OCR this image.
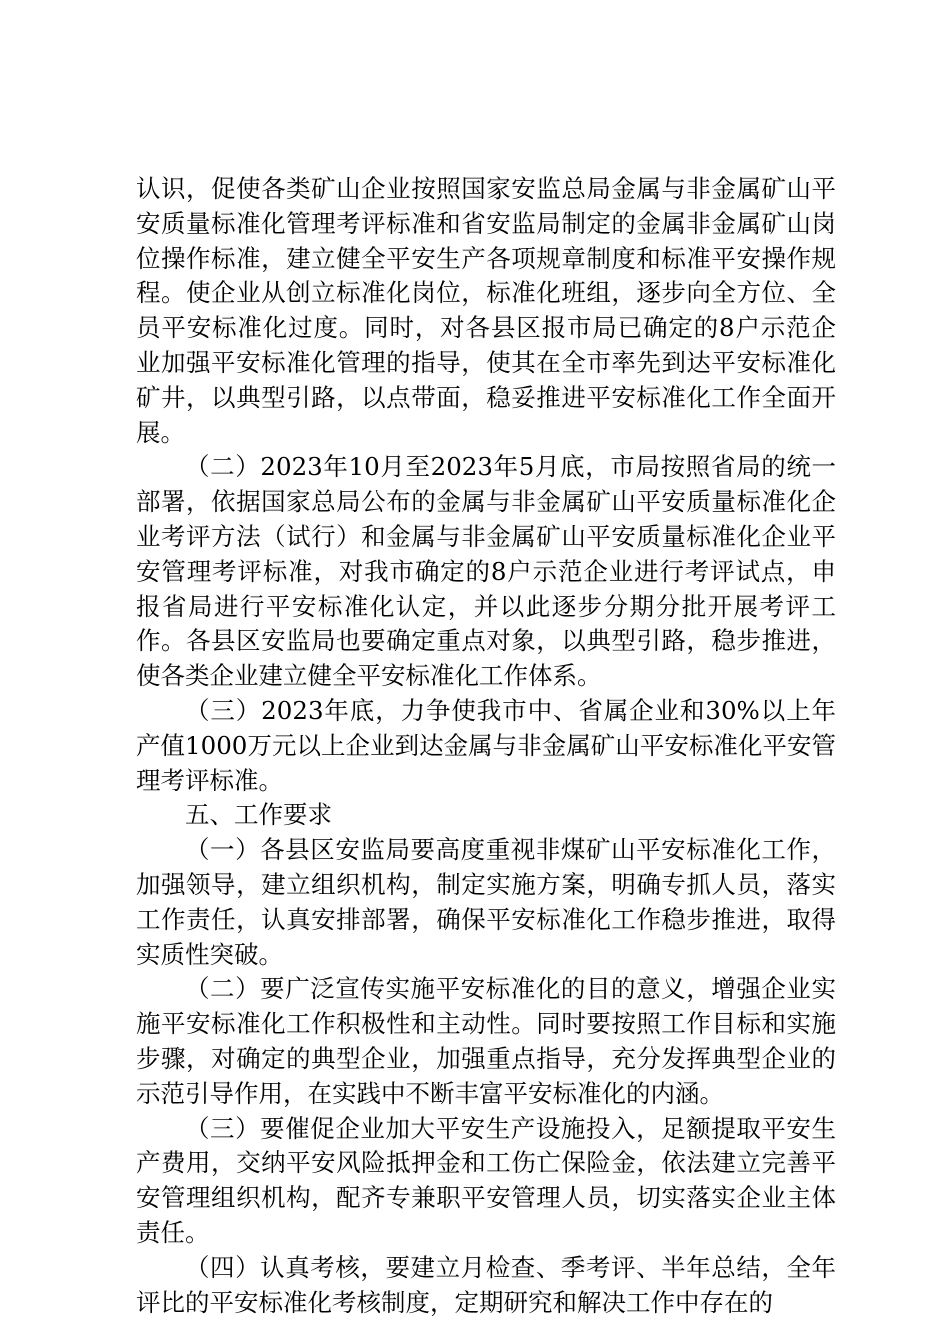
认识，促使各类矿山企业按照国家安监总局金属与非金属矿山平安质量标准化管理考评标准和省安监局制定的金属非金属矿山岗位操作标准，建立健全平安生产各项规章制度和标准平安操作规程。使企业从创立标准化岗位，标准化班组，逐步向全方位、全员平安标准化过度。同时，对各县区报市局已确定的8户示范企业加强平安标准化管理的指导，使其在全市率先到达平安标准化矿井，以典型引路，以点带面，稳妥推进平安标准化工作全面开展。

（二）2023年10月至2023年5月底，市局按照省局的统一部署，依据国家总局公布的金属与非金属矿山平安质量标准化企业考评方法（试行）和金属与非金属矿山平安质量标准化企业平安管理考评标准，对我市确定的8户示范企业进行考评试点，申报省局进行平安标准化认定，并以此逐步分期分批开展考评工作。各县区安监局也要确定重点对象，以典型引路，稳步推进，使各类企业建立健全平安标准化工作体系。

（三）2023年底，力争使我市中、省属企业和30%以上年产值1000万元以上企业到达金属与非金属矿山平安标准化平安管理考评标准。

五、工作要求

（一）各县区安监局要高度重视非煤矿山平安标准化工作，加强领导，建立组织机构，制定实施方案，明确专抓人员，落实工作责任，认真安排部署，确保平安标准化工作稳步推进，取得实质性突破。

（二）要广泛宣传实施平安标准化的目的意义，增强企业实施平安标准化工作积极性和主动性。同时要按照工作目标和实施步骤，对确定的典型企业，加强重点指导，充分发挥典型企业的示范引导作用，在实践中不断丰富平安标准化的内涵。

（三）要催促企业加大平安生产设施投入，足额提取平安生产费用，交纳平安风险抵押金和工伤亡保险金，依法建立完善平安管理组织机构，配齐专兼职平安管理人员，切实落实企业主体责任。

（四）认真考核，要建立月检查、季考评、半年总结，全年评比的平安标准化考核制度，定期研究和解决工作中存在的
